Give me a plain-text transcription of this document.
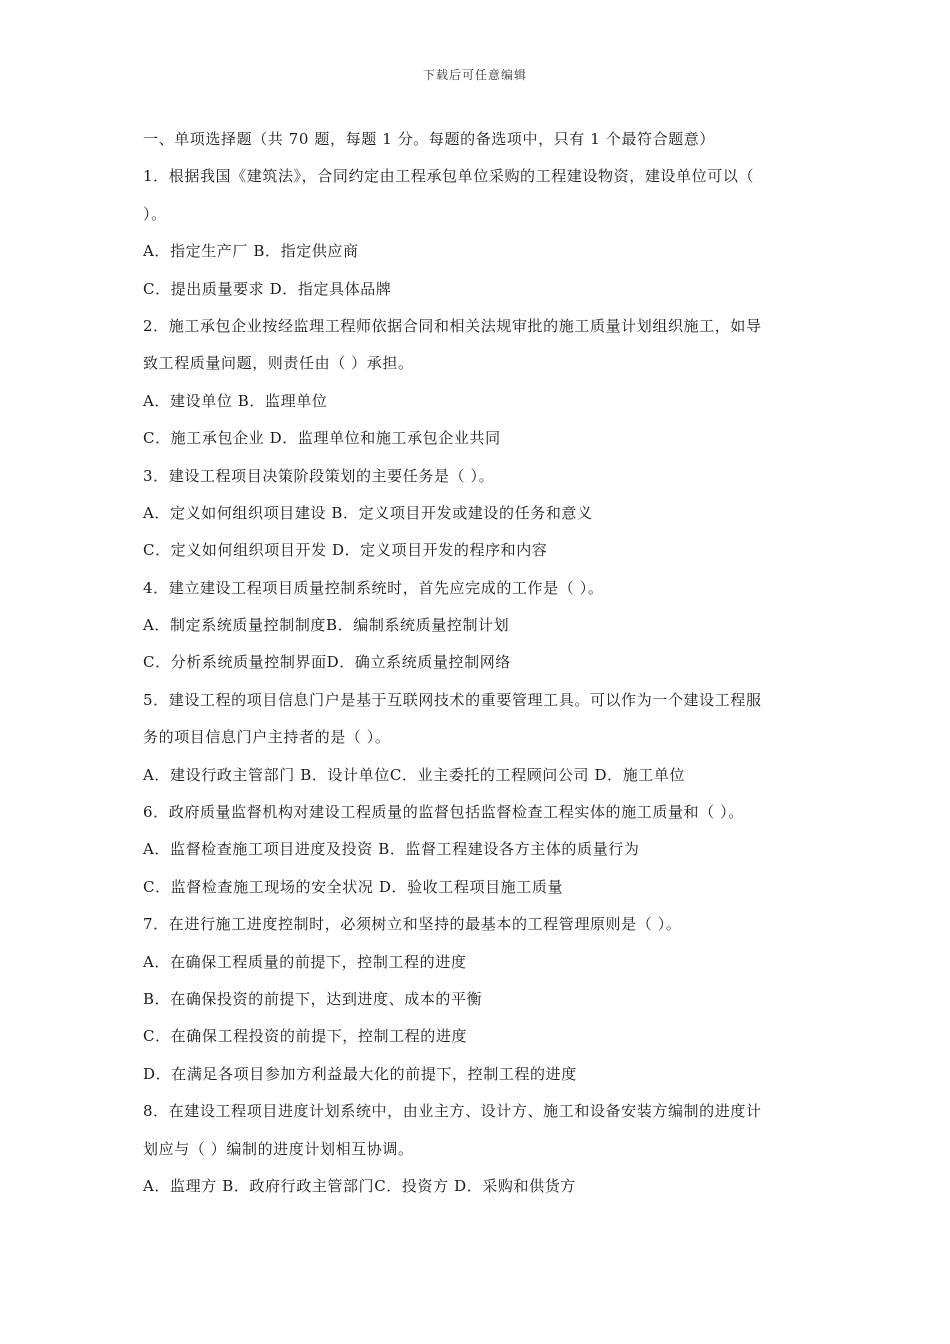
下载后可任意编辑
一、单项选择题（共 70 题，每题 1 分。每题的备选项中，只有 1 个最符合题意）
1．根据我国《建筑法》，合同约定由工程承包单位采购的工程建设物资，建设单位可以（
）。
A．指定生产厂 B．指定供应商
C．提出质量要求 D．指定具体品牌
2．施工承包企业按经监理工程师依据合同和相关法规审批的施工质量计划组织施工，如导
致工程质量问题，则责任由（ ）承担。
A．建设单位 B．监理单位
C．施工承包企业 D．监理单位和施工承包企业共同
3．建设工程项目决策阶段策划的主要任务是（ ）。
A．定义如何组织项目建设 B．定义项目开发或建设的任务和意义
C．定义如何组织项目开发 D．定义项目开发的程序和内容
4．建立建设工程项目质量控制系统时，首先应完成的工作是（ ）。
A．制定系统质量控制制度B．编制系统质量控制计划
C．分析系统质量控制界面D．确立系统质量控制网络
5．建设工程的项目信息门户是基于互联网技术的重要管理工具。可以作为一个建设工程服
务的项目信息门户主持者的是（ ）。
A．建设行政主管部门 B．设计单位C．业主委托的工程顾问公司 D．施工单位
6．政府质量监督机构对建设工程质量的监督包括监督检查工程实体的施工质量和（ ）。
A．监督检查施工项目进度及投资 B．监督工程建设各方主体的质量行为
C．监督检查施工现场的安全状况 D．验收工程项目施工质量
7．在进行施工进度控制时，必须树立和坚持的最基本的工程管理原则是（ ）。
A．在确保工程质量的前提下，控制工程的进度
B．在确保投资的前提下，达到进度、成本的平衡
C．在确保工程投资的前提下，控制工程的进度
D．在满足各项目参加方利益最大化的前提下，控制工程的进度
8．在建设工程项目进度计划系统中，由业主方、设计方、施工和设备安装方编制的进度计
划应与（ ）编制的进度计划相互协调。
A．监理方 B．政府行政主管部门C．投资方 D．采购和供货方
